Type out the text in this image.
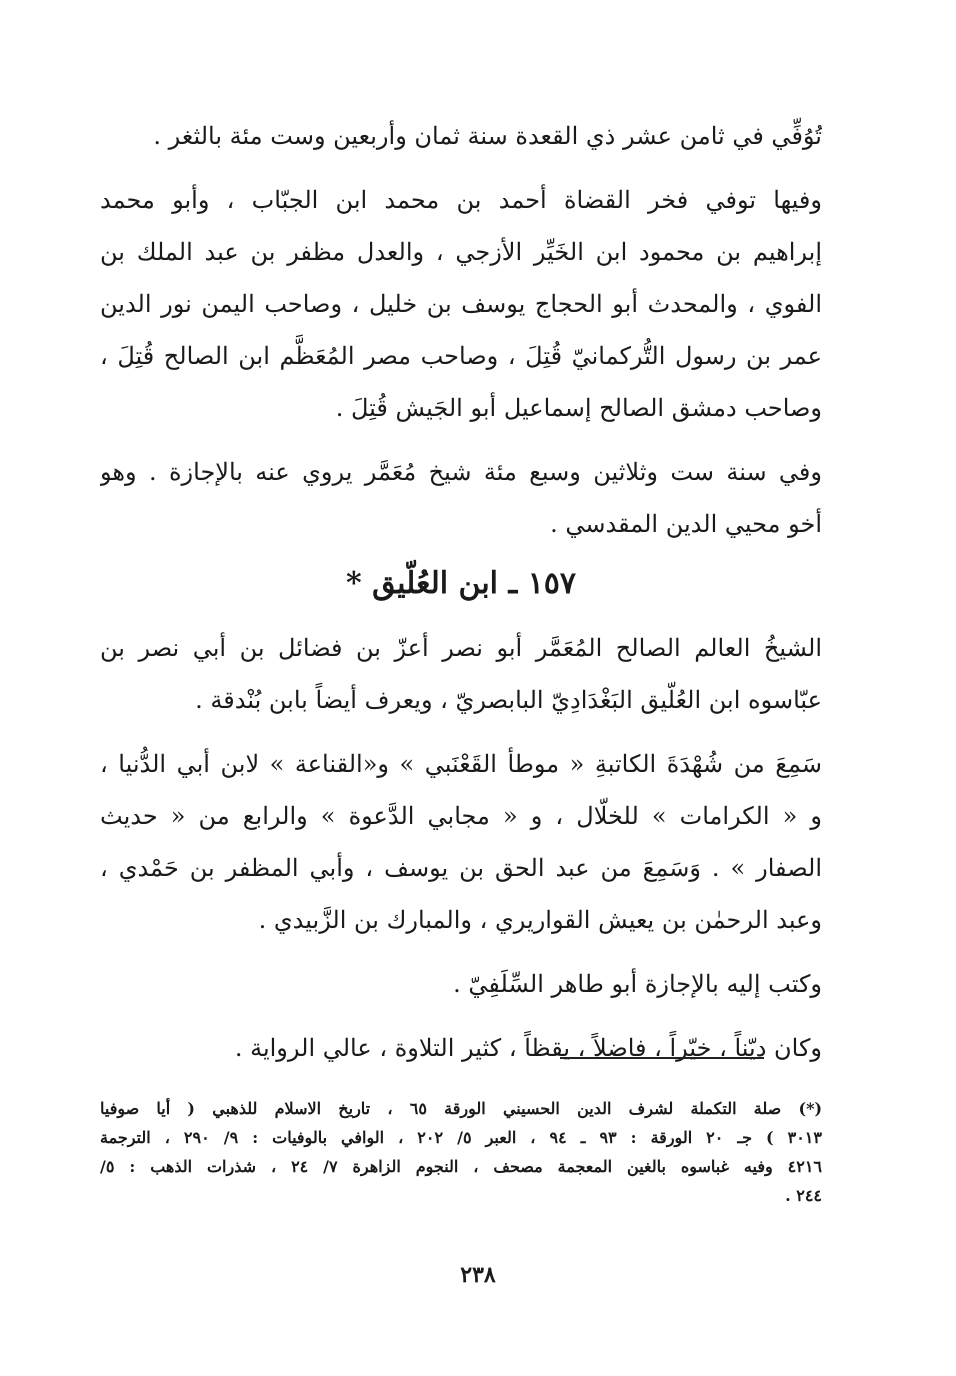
تُوُفِّي في ثامن عشر ذي القعدة سنة ثمان وأربعين وست مئة بالثغر .
وفيها توفي فخر القضاة أحمد بن محمد ابن الجبّاب ، وأبو محمد
إبراهيم بن محمود ابن الخَيِّر الأزجي ، والعدل مظفر بن عبد الملك بن
الفوي ، والمحدث أبو الحجاج يوسف بن خليل ، وصاحب اليمن نور الدين
عمر بن رسول التُّركمانيّ قُتِلَ ، وصاحب مصر المُعَظَّم ابن الصالح قُتِلَ ،
وصاحب دمشق الصالح إسماعيل أبو الجَيش قُتِلَ .
وفي سنة ست وثلاثين وسبع مئة شيخ مُعَمَّر يروي عنه بالإجازة . وهو
أخو محيي الدين المقدسي .
١٥٧ ـ ابن العُلّيق *
الشيخُ العالم الصالح المُعَمَّر أبو نصر أعزّ بن فضائل بن أبي نصر بن
عبّاسوه ابن العُلّيق البَغْدَادِيّ البابصريّ ، ويعرف أيضاً بابن بُنْدقة .
سَمِعَ من شُهْدَةَ الكاتبةِ « موطأ القَعْنَبي » و«القناعة » لابن أبي الدُّنيا ،
و « الكرامات » للخلّال ، و « مجابي الدَّعوة » والرابع من « حديث
الصفار » . وَسَمِعَ من عبد الحق بن يوسف ، وأبي المظفر بن حَمْدي ،
وعبد الرحمٰن بن يعيش القواريري ، والمبارك بن الزَّبيدي .
وكتب إليه بالإجازة أبو طاهر السِّلَفِيّ .
وكان ديّناً ، خيّراً ، فاضلاً ، يقظاً ، كثير التلاوة ، عالي الرواية .
(*) صلة التكملة لشرف الدين الحسيني الورقة ٦٥ ، تاريخ الاسلام للذهبي ( أيا صوفيا
٣٠١٣ ) جـ ٢٠ الورقة : ٩٣ ـ ٩٤ ، العبر ٥/ ٢٠٢ ، الوافي بالوفيات : ٩/ ٢٩٠ ، الترجمة
٤٢١٦ وفيه غباسوه بالغين المعجمة مصحف ، النجوم الزاهرة ٧/ ٢٤ ، شذرات الذهب : ٥/
٢٤٤ .
٢٣٨
